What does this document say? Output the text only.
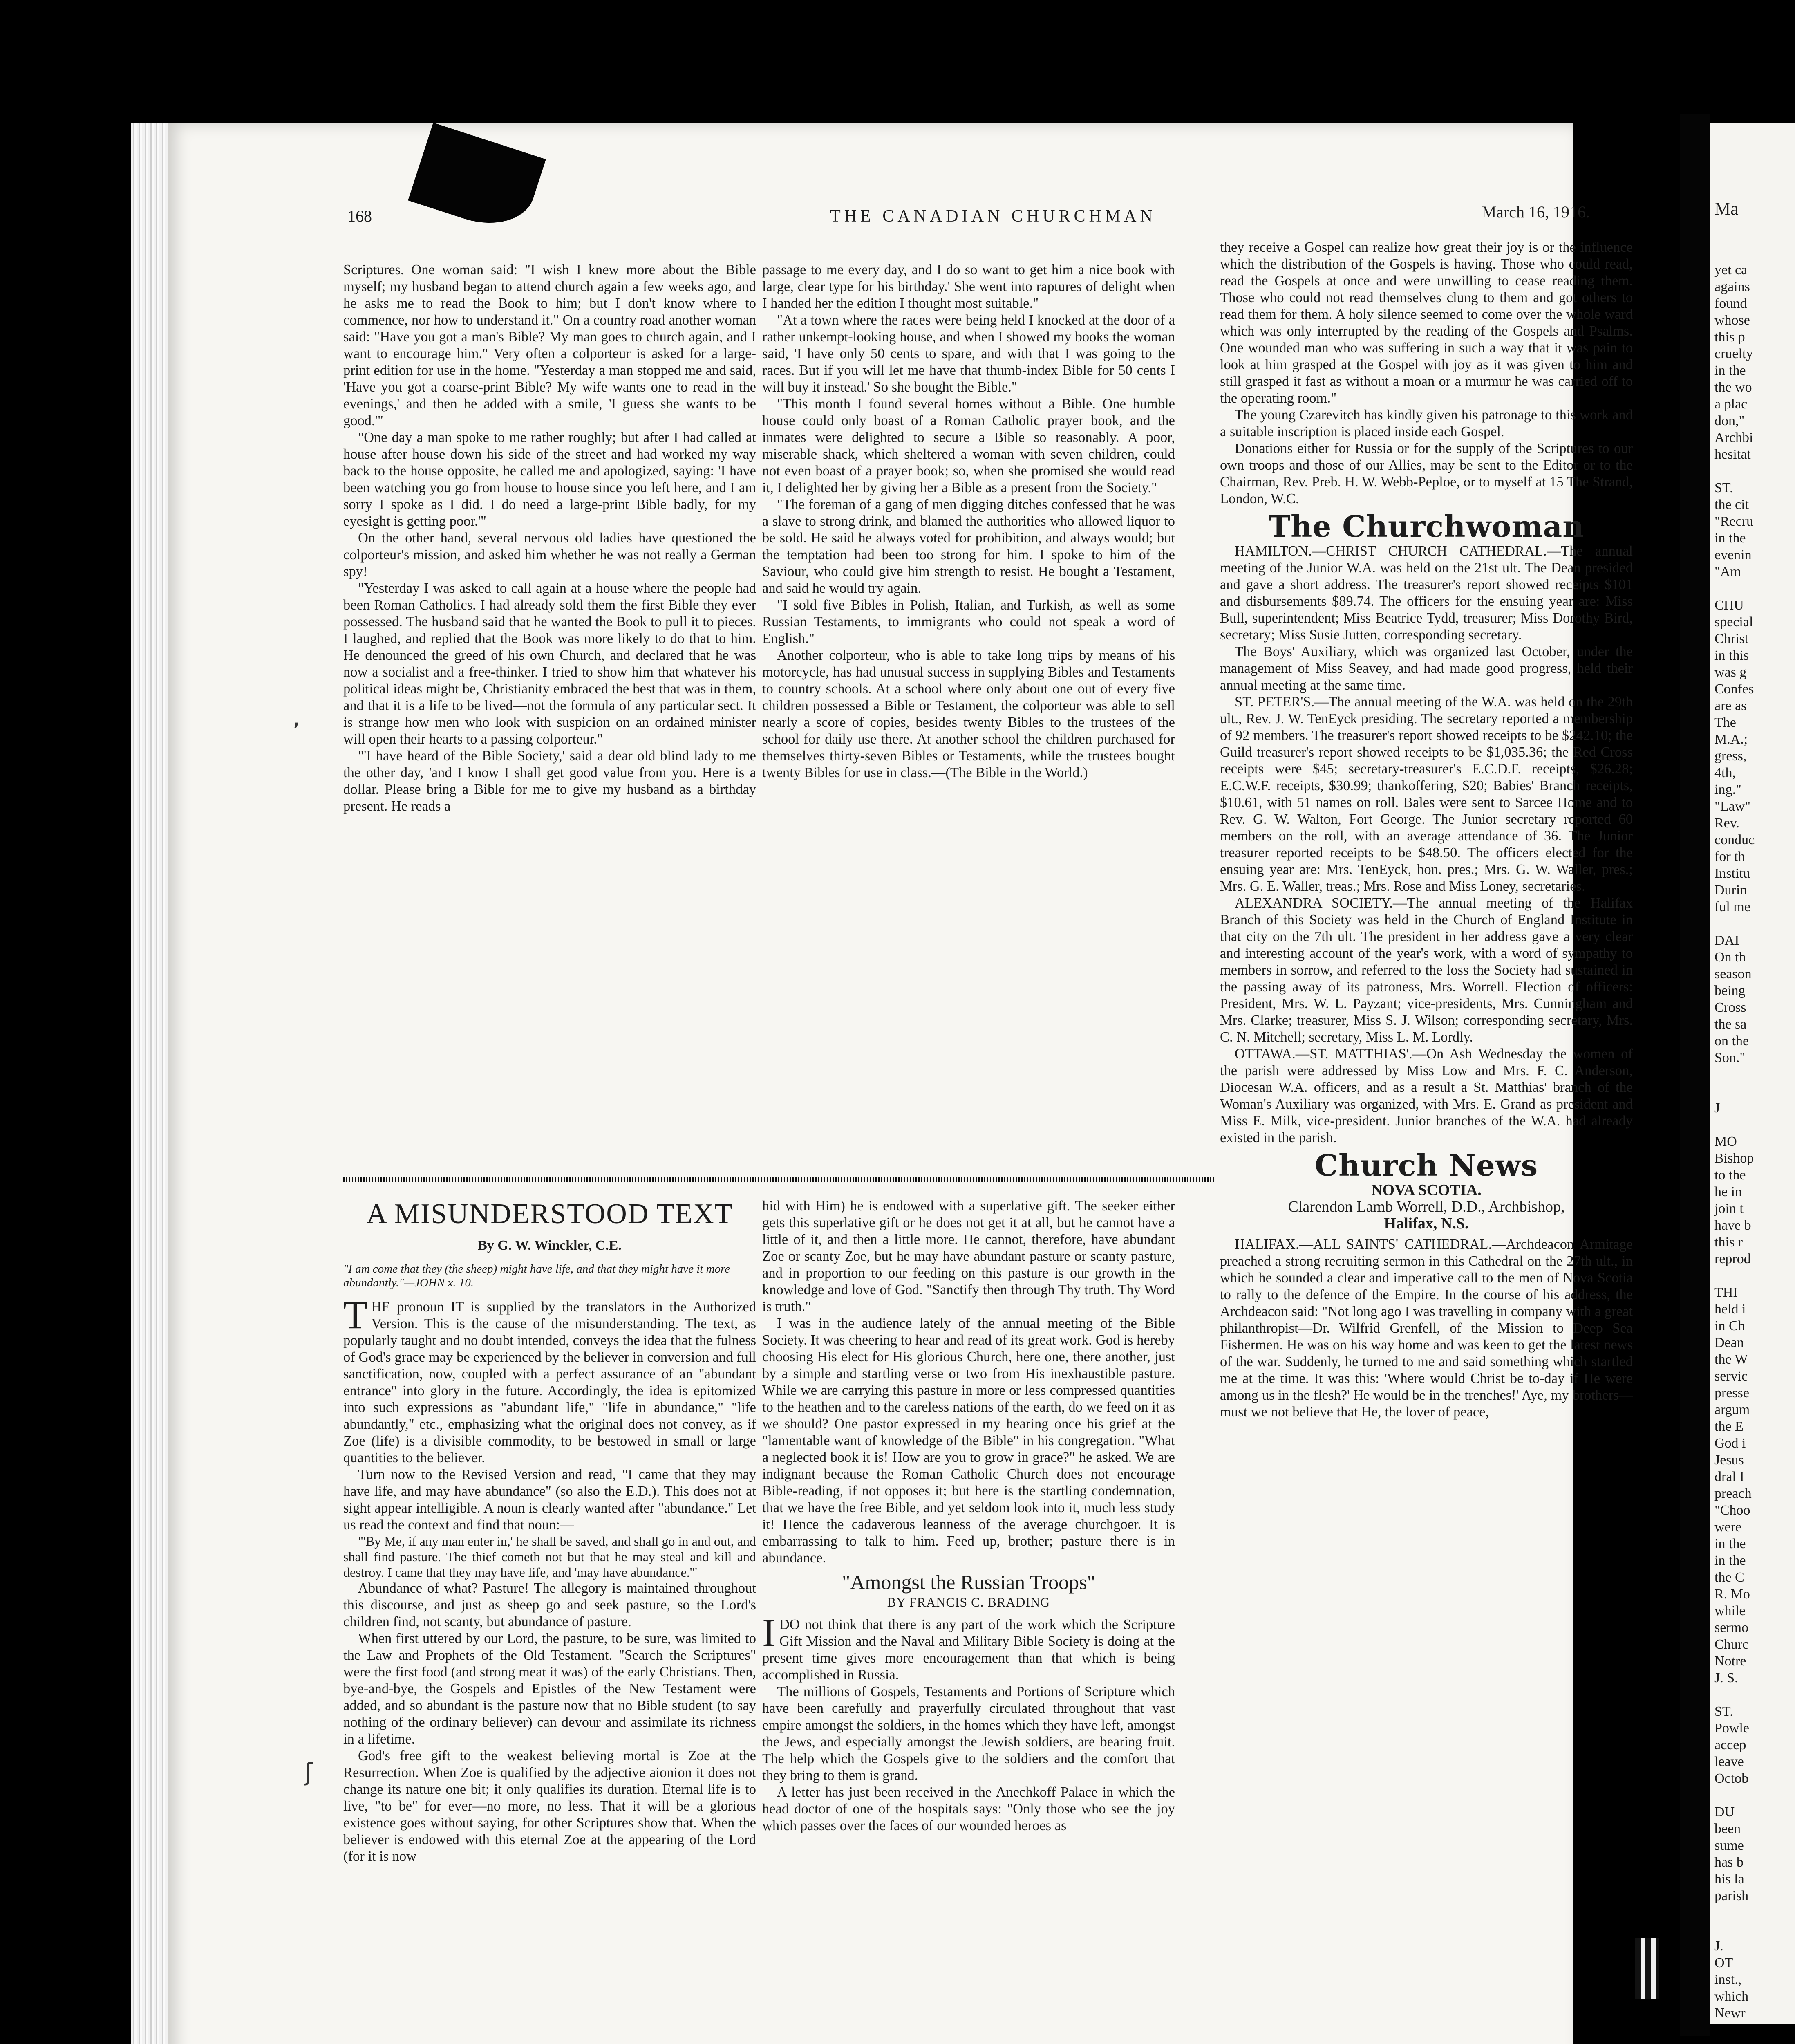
168	THE CANADIAN CHURCHMAN	March 16, 1916.	Ma
yet ca
agains
found
whose
this p
cruelty
in the
the wo
a plac
don,"
Archbi
hesitat
ST.
the cit
"Recru
in the
evenin
"Am
CHU
special
Christ
in this
was g
Confes
are as
The
M.A.;
gress,
4th,
ing."
"Law"
Rev.
conduc
for th
Institu
Durin
ful me
DAI
On th
season
being
Cross
the sa
on the
Son."
J
MO
Bishop
to the
he in
join t
have b
this r
reprod
THI
held i
in Ch
Dean
the W
servic
presse
argum
the E
God i
Jesus
dral I
preach
"Choo
were
in the
in the
the C
R. Mo
while
sermo
Churc
Notre
J. S.
ST.
Powle
accep
leave
Octob
DU
been
sume
has b
his la
parish
J.
OT
inst.,
which
Newr

Scriptures. One woman said: "I wish I knew more about the Bible myself; my husband began to attend church again a few weeks ago, and he asks me to read the Book to him; but I don't know where to commence, nor how to understand it." On a country road another woman said: "Have you got a man's Bible? My man goes to church again, and I want to encourage him." Very often a colporteur is asked for a large-print edition for use in the home. "Yesterday a man stopped me and said, 'Have you got a coarse-print Bible? My wife wants one to read in the evenings,' and then he added with a smile, 'I guess she wants to be good.'"

"One day a man spoke to me rather roughly; but after I had called at house after house down his side of the street and had worked my way back to the house opposite, he called me and apologized, saying: 'I have been watching you go from house to house since you left here, and I am sorry I spoke as I did. I do need a large-print Bible badly, for my eyesight is getting poor.'"

On the other hand, several nervous old ladies have questioned the colporteur's mission, and asked him whether he was not really a German spy!

"Yesterday I was asked to call again at a house where the people had been Roman Catholics. I had already sold them the first Bible they ever possessed. The husband said that he wanted the Book to pull it to pieces. I laughed, and replied that the Book was more likely to do that to him. He denounced the greed of his own Church, and declared that he was now a socialist and a free-thinker. I tried to show him that whatever his political ideas might be, Christianity embraced the best that was in them, and that it is a life to be lived—not the formula of any particular sect. It is strange how men who look with suspicion on an ordained minister will open their hearts to a passing colporteur."

"'I have heard of the Bible Society,' said a dear old blind lady to me the other day, 'and I know I shall get good value from you. Here is a dollar. Please bring a Bible for me to give my husband as a birthday present. He reads a

passage to me every day, and I do so want to get him a nice book with large, clear type for his birthday.' She went into raptures of delight when I handed her the edition I thought most suitable."

"At a town where the races were being held I knocked at the door of a rather unkempt-looking house, and when I showed my books the woman said, 'I have only 50 cents to spare, and with that I was going to the races. But if you will let me have that thumb-index Bible for 50 cents I will buy it instead.' So she bought the Bible."

"This month I found several homes without a Bible. One humble house could only boast of a Roman Catholic prayer book, and the inmates were delighted to secure a Bible so reasonably. A poor, miserable shack, which sheltered a woman with seven children, could not even boast of a prayer book; so, when she promised she would read it, I delighted her by giving her a Bible as a present from the Society."

"The foreman of a gang of men digging ditches confessed that he was a slave to strong drink, and blamed the authorities who allowed liquor to be sold. He said he always voted for prohibition, and always would; but the temptation had been too strong for him. I spoke to him of the Saviour, who could give him strength to resist. He bought a Testament, and said he would try again.

"I sold five Bibles in Polish, Italian, and Turkish, as well as some Russian Testaments, to immigrants who could not speak a word of English."

Another colporteur, who is able to take long trips by means of his motorcycle, has had unusual success in supplying Bibles and Testaments to country schools. At a school where only about one out of every five children possessed a Bible or Testament, the colporteur was able to sell nearly a score of copies, besides twenty Bibles to the trustees of the school for daily use there. At another school the children purchased for themselves thirty-seven Bibles or Testaments, while the trustees bought twenty Bibles for use in class.—(The Bible in the World.)

they receive a Gospel can realize how great their joy is or the influence which the distribution of the Gospels is having. Those who could read, read the Gospels at once and were unwilling to cease reading them. Those who could not read themselves clung to them and got others to read them for them. A holy silence seemed to come over the whole ward which was only interrupted by the reading of the Gospels and Psalms. One wounded man who was suffering in such a way that it was pain to look at him grasped at the Gospel with joy as it was given to him and still grasped it fast as without a moan or a murmur he was carried off to the operating room."

The young Czarevitch has kindly given his patronage to this work and a suitable inscription is placed inside each Gospel.

Donations either for Russia or for the supply of the Scriptures to our own troops and those of our Allies, may be sent to the Editor or to the Chairman, Rev. Preb. H. W. Webb-Peploe, or to myself at 15 The Strand, London, W.C.

The Churchwoman

HAMILTON.—CHRIST CHURCH CATHEDRAL.—The annual meeting of the Junior W.A. was held on the 21st ult. The Dean presided and gave a short address. The treasurer's report showed receipts $101 and disbursements $89.74. The officers for the ensuing year are: Miss Bull, superintendent; Miss Beatrice Tydd, treasurer; Miss Dorothy Bird, secretary; Miss Susie Jutten, corresponding secretary.

The Boys' Auxiliary, which was organized last October, under the management of Miss Seavey, and had made good progress, held their annual meeting at the same time.

ST. PETER'S.—The annual meeting of the W.A. was held on the 29th ult., Rev. J. W. TenEyck presiding. The secretary reported a membership of 92 members. The treasurer's report showed receipts to be $242.10; the Guild treasurer's report showed receipts to be $1,035.36; the Red Cross receipts were $45; secretary-treasurer's E.C.D.F. receipts, $26.28; E.C.W.F. receipts, $30.99; thankoffering, $20; Babies' Branch receipts, $10.61, with 51 names on roll. Bales were sent to Sarcee Home and to Rev. G. W. Walton, Fort George. The Junior secretary reported 60 members on the roll, with an average attendance of 36. The Junior treasurer reported receipts to be $48.50. The officers elected for the ensuing year are: Mrs. TenEyck, hon. pres.; Mrs. G. W. Waller, pres.; Mrs. G. E. Waller, treas.; Mrs. Rose and Miss Loney, secretaries.

ALEXANDRA SOCIETY.—The annual meeting of the Halifax Branch of this Society was held in the Church of England Institute in that city on the 7th ult. The president in her address gave a very clear and interesting account of the year's work, with a word of sympathy to members in sorrow, and referred to the loss the Society had sustained in the passing away of its patroness, Mrs. Worrell. Election of officers: President, Mrs. W. L. Payzant; vice-presidents, Mrs. Cunningham and Mrs. Clarke; treasurer, Miss S. J. Wilson; corresponding secretary, Mrs. C. N. Mitchell; secretary, Miss L. M. Lordly.

OTTAWA.—ST. MATTHIAS'.—On Ash Wednesday the women of the parish were addressed by Miss Low and Mrs. F. C. Anderson, Diocesan W.A. officers, and as a result a St. Matthias' branch of the Woman's Auxiliary was organized, with Mrs. E. Grand as president and Miss E. Milk, vice-president. Junior branches of the W.A. had already existed in the parish.

Church News
NOVA SCOTIA.
Clarendon Lamb Worrell, D.D., Archbishop,
Halifax, N.S.

HALIFAX.—ALL SAINTS' CATHEDRAL.—Archdeacon Armitage preached a strong recruiting sermon in this Cathedral on the 27th ult., in which he sounded a clear and imperative call to the men of Nova Scotia to rally to the defence of the Empire. In the course of his address, the Archdeacon said: "Not long ago I was travelling in company with a great philanthropist—Dr. Wilfrid Grenfell, of the Mission to Deep Sea Fishermen. He was on his way home and was keen to get the latest news of the war. Suddenly, he turned to me and said something which startled me at the time. It was this: 'Where would Christ be to-day if He were among us in the flesh?' He would be in the trenches!' Aye, my brothers—must we not believe that He, the lover of peace,

A MISUNDERSTOOD TEXT
By G. W. Winckler, C.E.
"I am come that they (the sheep) might have life, and that they might have it more abundantly."—JOHN x. 10.

THE pronoun IT is supplied by the translators in the Authorized Version. This is the cause of the misunderstanding. The text, as popularly taught and no doubt intended, conveys the idea that the fulness of God's grace may be experienced by the believer in conversion and full sanctification, now, coupled with a perfect assurance of an "abundant entrance" into glory in the future. Accordingly, the idea is epitomized into such expressions as "abundant life," "life in abundance," "life abundantly," etc., emphasizing what the original does not convey, as if Zoe (life) is a divisible commodity, to be bestowed in small or large quantities to the believer.

Turn now to the Revised Version and read, "I came that they may have life, and may have abundance" (so also the E.D.). This does not at sight appear intelligible. A noun is clearly wanted after "abundance." Let us read the context and find that noun:—

"'By Me, if any man enter in,' he shall be saved, and shall go in and out, and shall find pasture. The thief cometh not but that he may steal and kill and destroy. I came that they may have life, and 'may have abundance.'"

Abundance of what? Pasture! The allegory is maintained throughout this discourse, and just as sheep go and seek pasture, so the Lord's children find, not scanty, but abundance of pasture.

When first uttered by our Lord, the pasture, to be sure, was limited to the Law and Prophets of the Old Testament. "Search the Scriptures" were the first food (and strong meat it was) of the early Christians. Then, bye-and-bye, the Gospels and Epistles of the New Testament were added, and so abundant is the pasture now that no Bible student (to say nothing of the ordinary believer) can devour and assimilate its richness in a lifetime.

God's free gift to the weakest believing mortal is Zoe at the Resurrection. When Zoe is qualified by the adjective aionion it does not change its nature one bit; it only qualifies its duration. Eternal life is to live, "to be" for ever—no more, no less. That it will be a glorious existence goes without saying, for other Scriptures show that. When the believer is endowed with this eternal Zoe at the appearing of the Lord (for it is now

hid with Him) he is endowed with a superlative gift. The seeker either gets this superlative gift or he does not get it at all, but he cannot have a little of it, and then a little more. He cannot, therefore, have abundant Zoe or scanty Zoe, but he may have abundant pasture or scanty pasture, and in proportion to our feeding on this pasture is our growth in the knowledge and love of God. "Sanctify then through Thy truth. Thy Word is truth."

I was in the audience lately of the annual meeting of the Bible Society. It was cheering to hear and read of its great work. God is hereby choosing His elect for His glorious Church, here one, there another, just by a simple and startling verse or two from His inexhaustible pasture. While we are carrying this pasture in more or less compressed quantities to the heathen and to the careless nations of the earth, do we feed on it as we should? One pastor expressed in my hearing once his grief at the "lamentable want of knowledge of the Bible" in his congregation. "What a neglected book it is! How are you to grow in grace?" he asked. We are indignant because the Roman Catholic Church does not encourage Bible-reading, if not opposes it; but here is the startling condemnation, that we have the free Bible, and yet seldom look into it, much less study it! Hence the cadaverous leanness of the average churchgoer. It is embarrassing to talk to him. Feed up, brother; pasture there is in abundance.

"Amongst the Russian Troops"
BY FRANCIS C. BRADING

IDO not think that there is any part of the work which the Scripture Gift Mission and the Naval and Military Bible Society is doing at the present time gives more encouragement than that which is being accomplished in Russia.

The millions of Gospels, Testaments and Portions of Scripture which have been carefully and prayerfully circulated throughout that vast empire amongst the soldiers, in the homes which they have left, amongst the Jews, and especially amongst the Jewish soldiers, are bearing fruit. The help which the Gospels give to the soldiers and the comfort that they bring to them is grand.

A letter has just been received in the Anechkoff Palace in which the head doctor of one of the hospitals says: "Only those who see the joy which passes over the faces of our wounded heroes as

‚
ʃ
